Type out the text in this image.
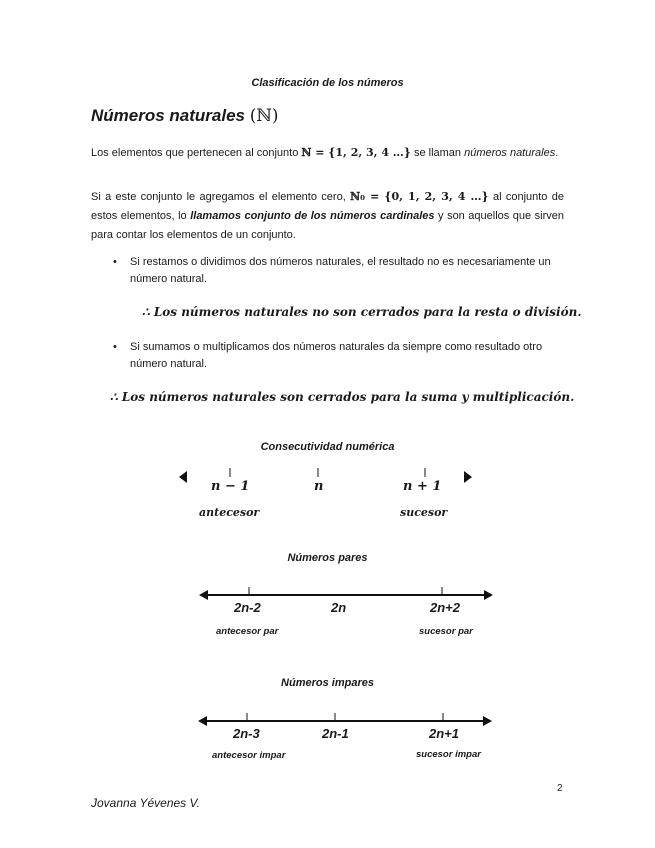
Clasificación de los números
Números naturales (ℕ)
Los elementos que pertenecen al conjunto ℕ = {1, 2, 3, 4 …} se llaman números naturales.
Si a este conjunto le agregamos el elemento cero, ℕ₀ = {0, 1, 2, 3, 4 …} al conjunto de estos elementos, lo llamamos conjunto de los números cardinales y son aquellos que sirven para contar los elementos de un conjunto.
• Si restamos o dividimos dos números naturales, el resultado no es necesariamente un número natural.
∴ Los números naturales no son cerrados para la resta o división.
• Si sumamos o multiplicamos dos números naturales da siempre como resultado otro número natural.
∴ Los números naturales son cerrados para la suma y multiplicación.
Consecutividad numérica
n − 1	n	n + 1
antecesor	sucesor
Números pares
2n-2	2n	2n+2
antecesor par	sucesor par
Números impares
2n-3	2n-1	2n+1
antecesor impar	sucesor impar
2
Jovanna Yévenes V.
